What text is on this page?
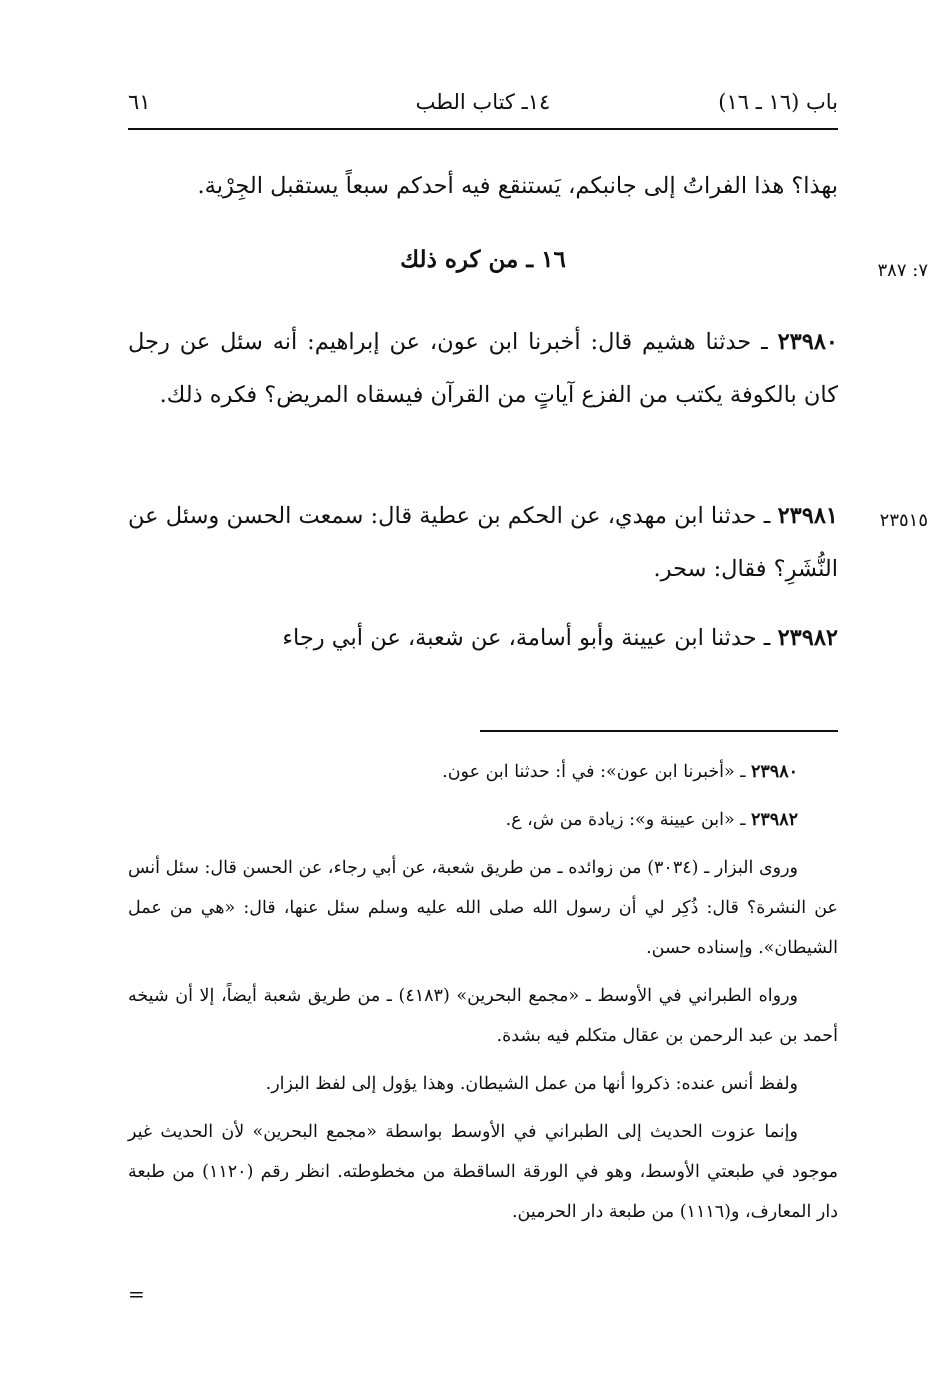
باب (١٦ ـ ١٦)
١٤ـ كتاب الطب
٦١

بهذا؟ هذا الفراتُ إلى جانبكم، يَستنقع فيه أحدكم سبعاً يستقبل الجِرْية.

١٦ ـ من كره ذلك	٧: ٣٨٧

٢٣٩٨٠ ـ حدثنا هشيم قال: أخبرنا ابن عون، عن إبراهيم: أنه سئل عن رجل كان بالكوفة يكتب من الفزع آياتٍ من القرآن فيسقاه المريض؟ فكره ذلك.

٢٣٩٨١ ـ حدثنا ابن مهدي، عن الحكم بن عطية قال: سمعت الحسن وسئل عن النُّشَرِ؟ فقال: سحر.

٢٣٥١٥

٢٣٩٨٢ ـ حدثنا ابن عيينة وأبو أسامة، عن شعبة، عن أبي رجاء

٢٣٩٨٠ ـ «أخبرنا ابن عون»: في أ: حدثنا ابن عون.

٢٣٩٨٢ ـ «ابن عيينة و»: زيادة من ش، ع.

وروى البزار ـ (٣٠٣٤) من زوائده ـ من طريق شعبة، عن أبي رجاء، عن الحسن قال: سئل أنس عن النشرة؟ قال: ذُكِر لي أن رسول الله صلى الله عليه وسلم سئل عنها، قال: «هي من عمل الشيطان». وإسناده حسن.

ورواه الطبراني في الأوسط ـ «مجمع البحرين» (٤١٨٣) ـ من طريق شعبة أيضاً، إلا أن شيخه أحمد بن عبد الرحمن بن عقال متكلم فيه بشدة.

ولفظ أنس عنده: ذكروا أنها من عمل الشيطان. وهذا يؤول إلى لفظ البزار.

وإنما عزوت الحديث إلى الطبراني في الأوسط بواسطة «مجمع البحرين» لأن الحديث غير موجود في طبعتي الأوسط، وهو في الورقة الساقطة من مخطوطته. انظر رقم (١١٢٠) من طبعة دار المعارف، و(١١١٦) من طبعة دار الحرمين.

=
